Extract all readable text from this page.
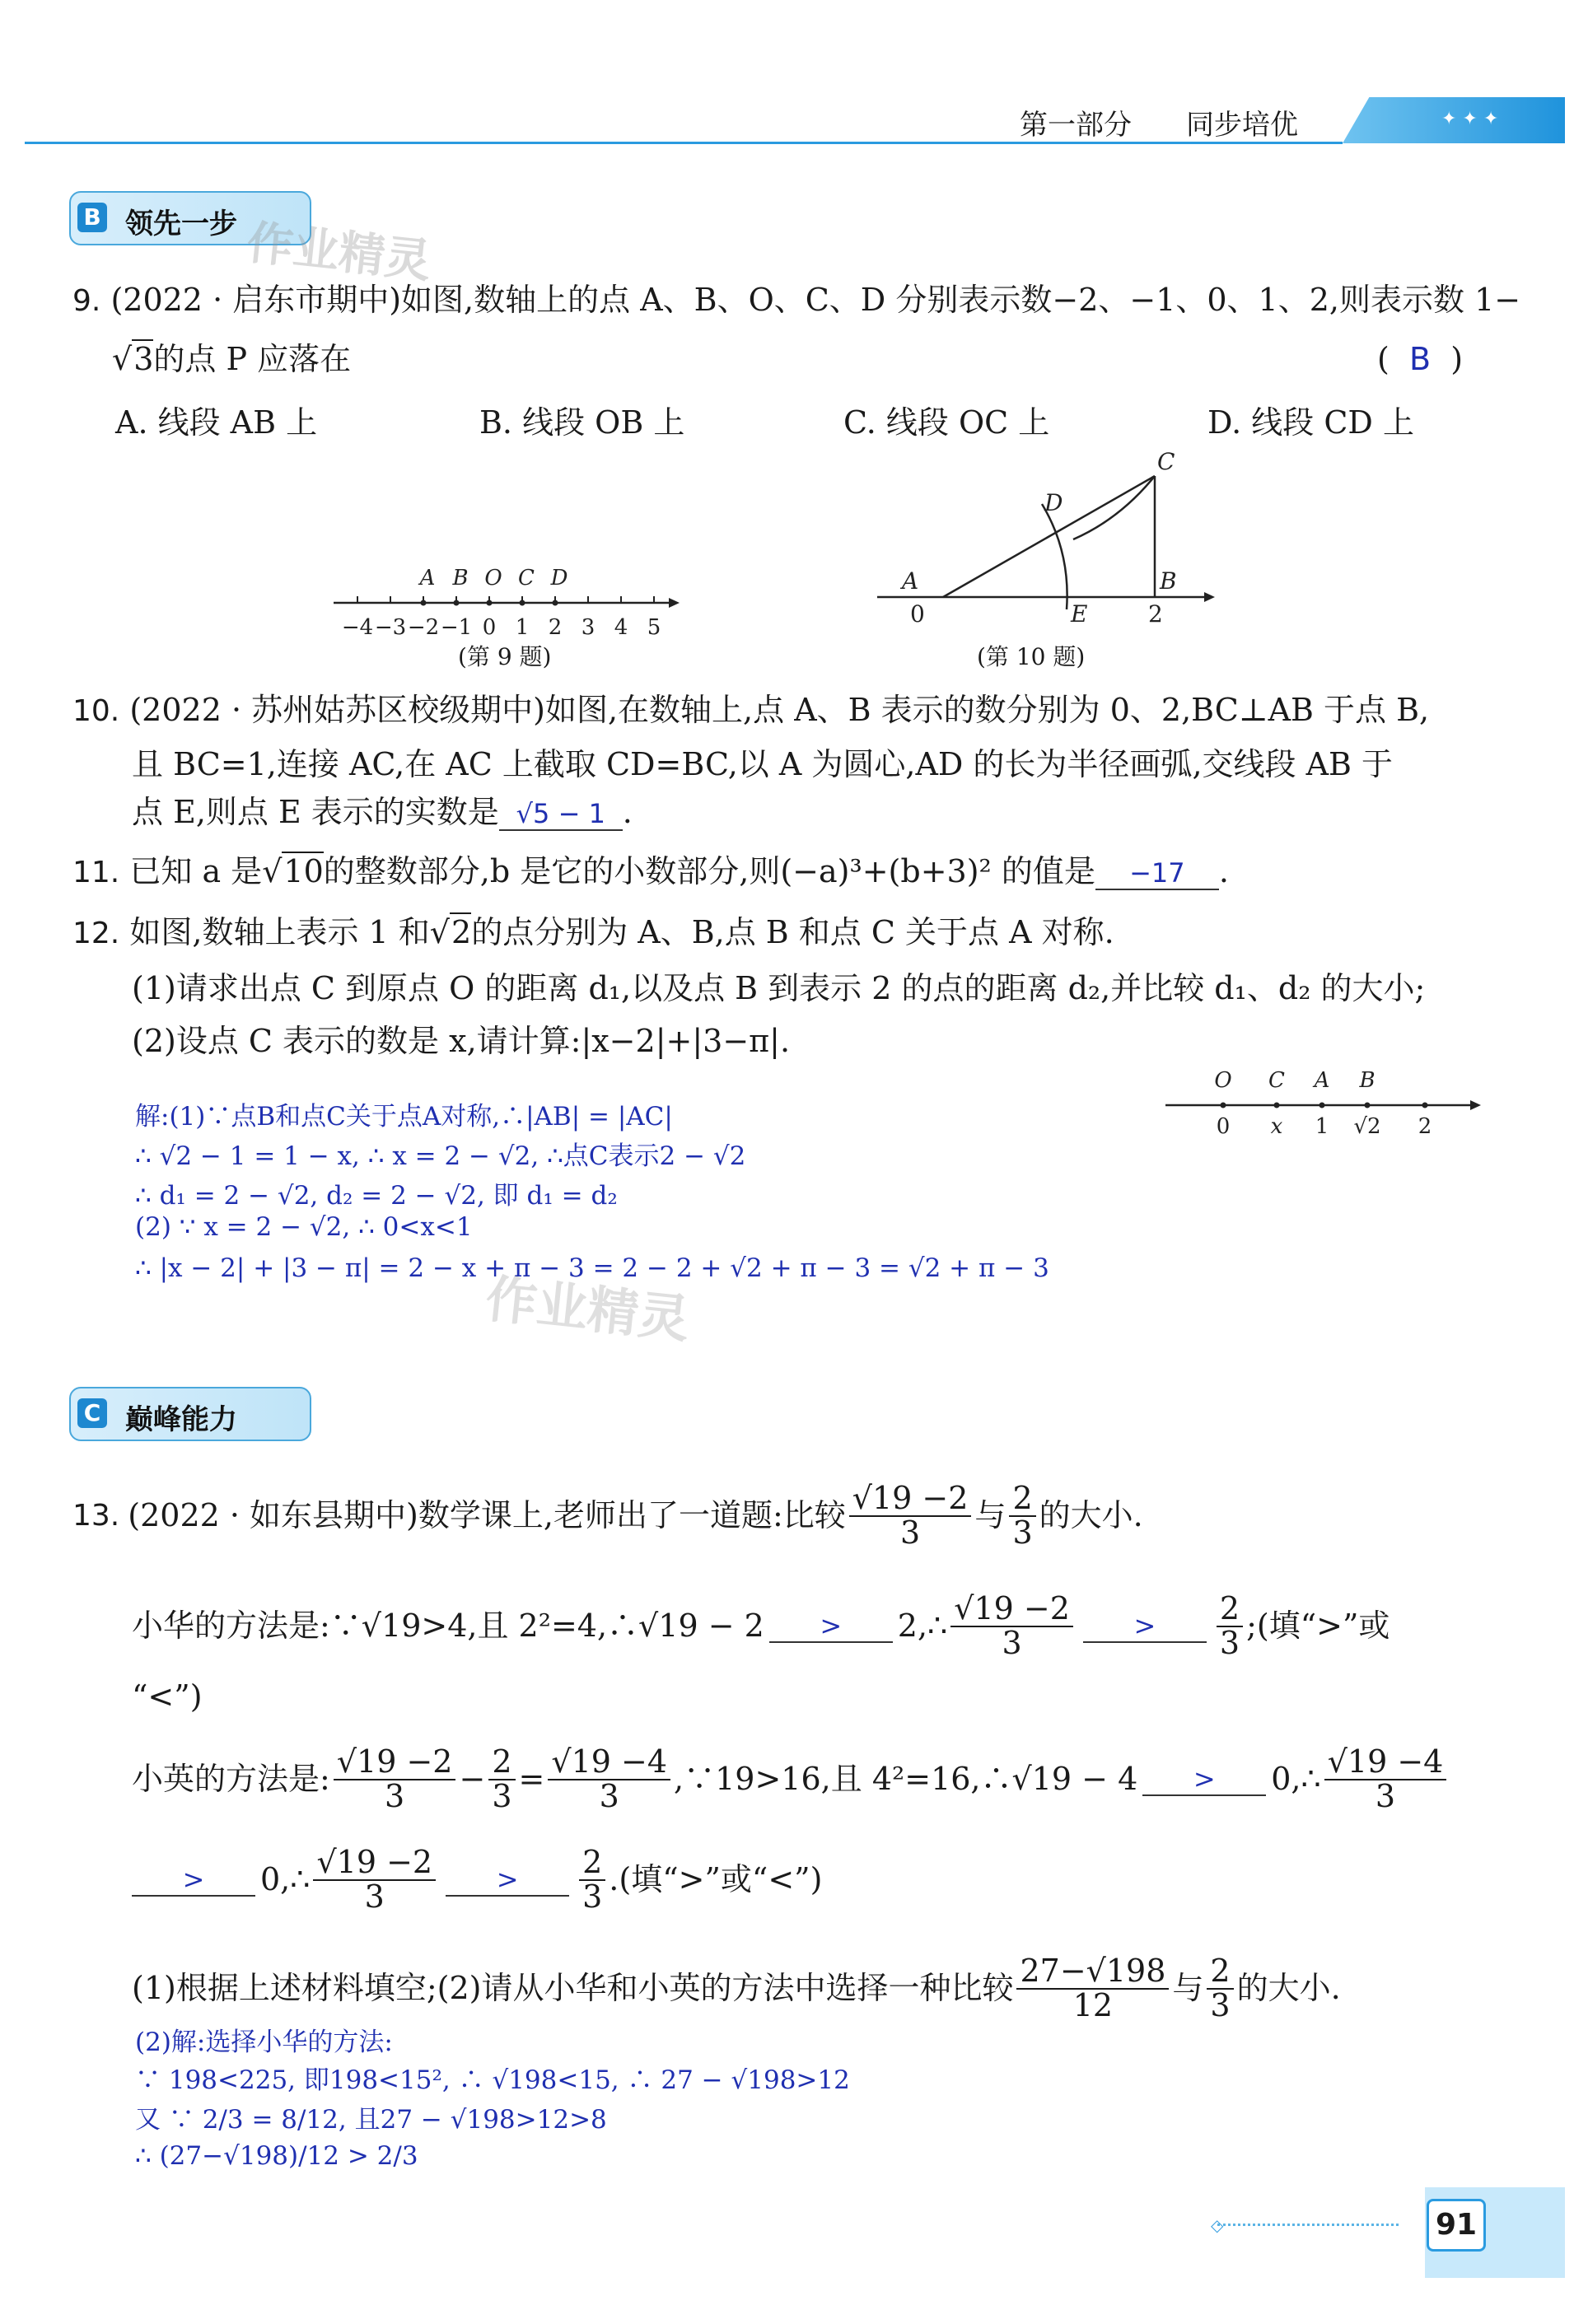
第一部分 同步培优	✦ ✦ ✦
B 领先一步 作业精灵
9. (2022 · 启东市期中)如图,数轴上的点 A、B、O、C、D 分别表示数−2、−1、0、1、2,则表示数 1−
√3的点 P 应落在	(  B  )
A. 线段 AB 上	B. 线段 OB 上	C. 线段 OC 上	D. 线段 CD 上
−4 −3 −2 −1 0 1 2 3 4 5
A B O C D
(第 9 题)
C
D
A	B
E
0	2
(第 10 题)
10. (2022 · 苏州姑苏区校级期中)如图,在数轴上,点 A、B 表示的数分别为 0、2,BC⊥AB 于点 B,
且 BC=1,连接 AC,在 AC 上截取 CD=BC,以 A 为圆心,AD 的长为半径画弧,交线段 AB 于
点 E,则点 E 表示的实数是 √5 − 1 .
11. 已知 a 是√10的整数部分,b 是它的小数部分,则(−a)³+(b+3)² 的值是 −17 .
12. 如图,数轴上表示 1 和√2的点分别为 A、B,点 B 和点 C 关于点 A 对称.
(1)请求出点 C 到原点 O 的距离 d₁,以及点 B 到表示 2 的点的距离 d₂,并比较 d₁、d₂ 的大小;
(2)设点 C 表示的数是 x,请计算:|x−2|+|3−π|.
O C A B
0 x 1 √2 2
解:(1)∵点B和点C关于点A对称,∴|AB| = |AC|
∴ √2 − 1 = 1 − x, ∴ x = 2 − √2, ∴点C表示2 − √2
∴ d₁ = 2 − √2, d₂ = 2 − √2, 即 d₁ = d₂
(2) ∵ x = 2 − √2, ∴ 0<x<1
∴ |x − 2| + |3 − π| = 2 − x + π − 3 = 2 − 2 + √2 + π − 3 = √2 + π − 3
作业精灵
C 巅峰能力
13. (2022 · 如东县期中)数学课上,老师出了一道题:比较 $\frac{√19 -2}{3}$ 与 $\frac{2}{3}$ 的大小.
小华的方法是:∵√19>4,且 2²=4,∴√19 − 2	>	2,∴ $\frac{√19 -2}{3}$	>	$\frac{2}{3}$ ;(填“>”或
“<”)
小英的方法是: $\frac{√19 -2}{3} - \frac{2}{3} = \frac{√19 -4}{3}$ ,∵19>16,且 4²=16,∴√19 − 4	>	0,∴ $\frac{√19 -4}{3}$
>	0,∴ $\frac{√19 -2}{3}$	>	$\frac{2}{3}$ .(填“>”或“<”)
(1)根据上述材料填空;(2)请从小华和小英的方法中选择一种比较 $\frac{27-√198}{12}$ 与 $\frac{2}{3}$ 的大小.
(2)解:选择小华的方法:
∵ 198<225, 即198<15², ∴ √198<15, ∴ 27 − √198>12
又 ∵ 2/3 = 8/12, 且27 − √198>12>8
∴ (27−√198)/12 > 2/3
◇	91
